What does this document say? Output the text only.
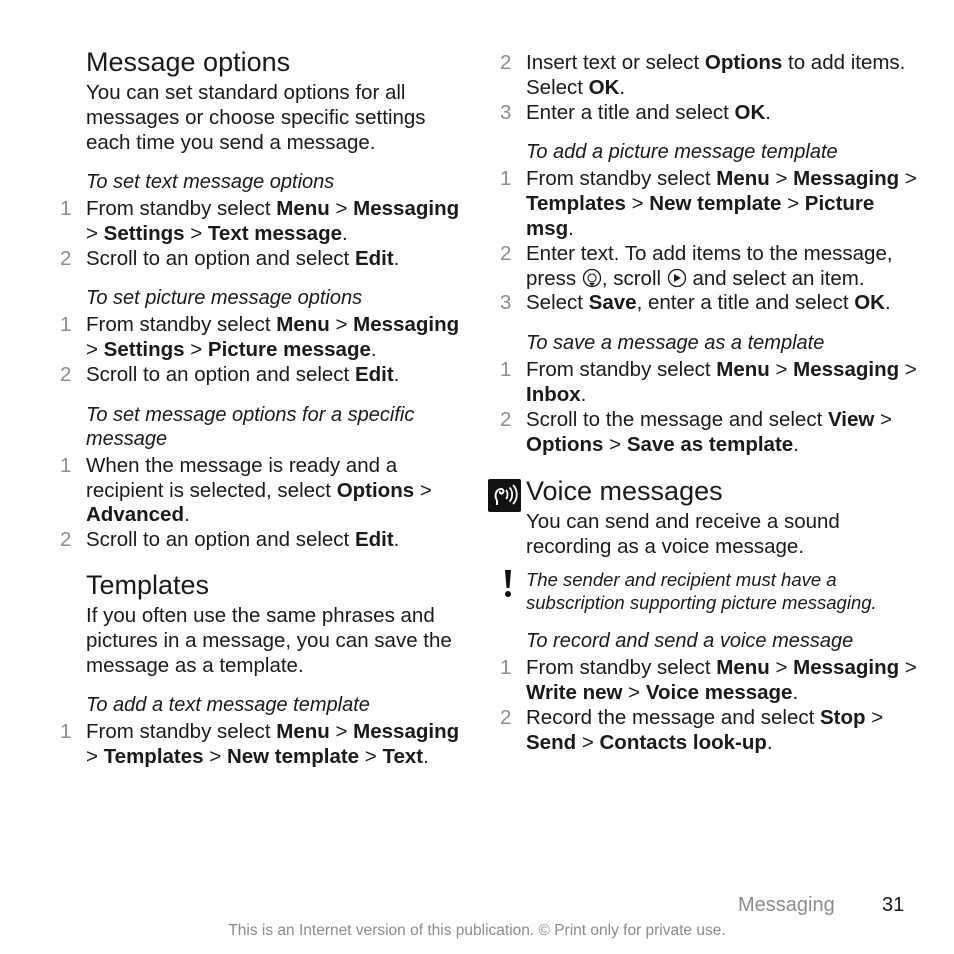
Message options

You can set standard options for all messages or choose specific settings each time you send a message.

To set text message options

1 From standby select Menu > Messaging > Settings > Text message.
2 Scroll to an option and select Edit.

To set picture message options

1 From standby select Menu > Messaging > Settings > Picture message.
2 Scroll to an option and select Edit.

To set message options for a specific message

1 When the message is ready and a recipient is selected, select Options > Advanced.
2 Scroll to an option and select Edit.
Templates

If you often use the same phrases and pictures in a message, you can save the message as a template.

To add a text message template

1 From standby select Menu > Messaging > Templates > New template > Text.
2 Insert text or select Options to add items. Select OK.
3 Enter a title and select OK.

To add a picture message template

1 From standby select Menu > Messaging > Templates > New template > Picture msg.
2 Enter text. To add items to the message, press , scroll  and select an item.
3 Select Save, enter a title and select OK.

To save a message as a template

1 From standby select Menu > Messaging > Inbox.
2 Scroll to the message and select View > Options > Save as template.
Voice messages

You can send and receive a sound recording as a voice message.

The sender and recipient must have a subscription supporting picture messaging.

To record and send a voice message

1 From standby select Menu > Messaging > Write new > Voice message.
2 Record the message and select Stop > Send > Contacts look-up.
Messaging 31

This is an Internet version of this publication. © Print only for private use.
